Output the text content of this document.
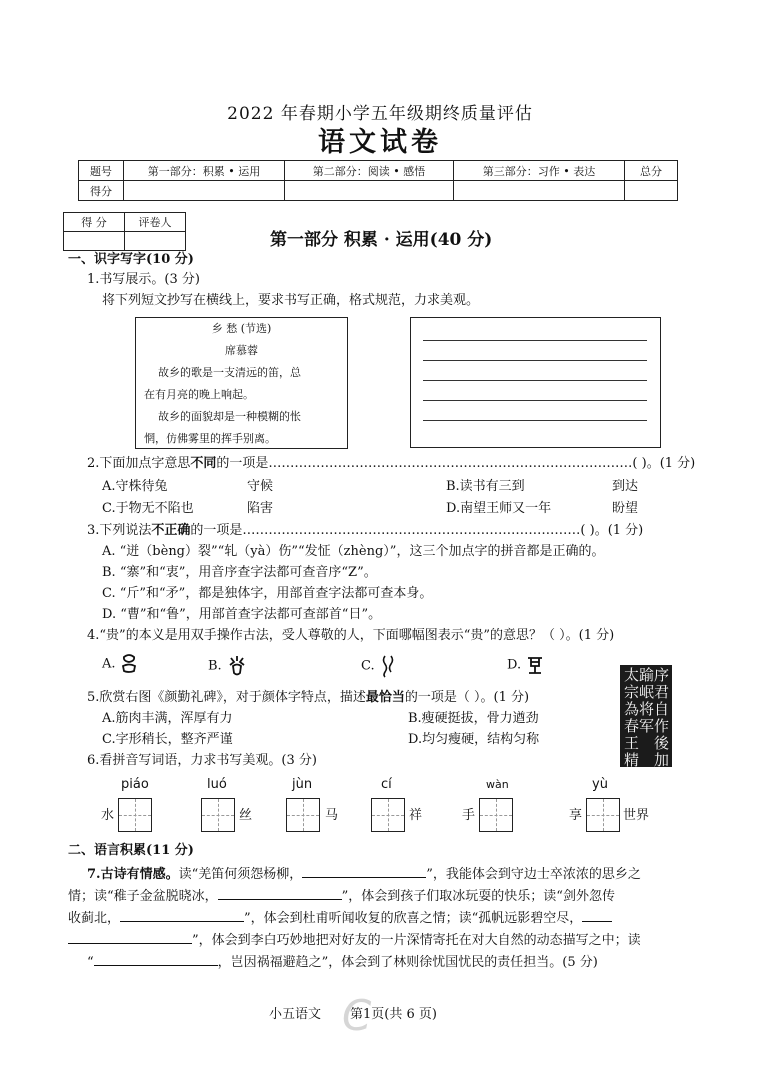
2022 年春期小学五年级期终质量评估
语文试卷
题号	第一部分：积累 • 运用	第二部分：阅读 • 感悟	第三部分：习作 • 表达	总分
得分				
得 分	评卷人

第一部分 积累 · 运用(40 分)
一、识字写字(10 分)
1.书写展示。(3 分)
将下列短文抄写在横线上，要求书写正确，格式规范，力求美观。
乡 愁 (节选)
席慕蓉
故乡的歌是一支清远的笛，总
在有月亮的晚上响起。
故乡的面貌却是一种模糊的怅
惘，仿佛雾里的挥手别离。
2.下面加点字意思不同的一项是…………………………………………………………………………( )。(1 分)
A.守株待兔	守候	B.读书有三到	到达
C.于物无不陷也	陷害	D.南望王师又一年	盼望
3.下列说法不正确的一项是……………………………………………………………………( )。(1 分)
A. “迸（bèng）裂”“轧（yà）伤”“发怔（zhèng）”，这三个加点字的拼音都是正确的。
B. “寨”和“衷”，用音序查字法都可查音序“Z”。
C. “斤”和“矛”，都是独体字，用部首查字法都可查本身。
D. “曹”和“鲁”，用部首查字法都可查部首“日”。
4.“贵”的本义是用双手操作古法，受人尊敬的人，下面哪幅图表示“贵”的意思？（ ）。(1 分)
A.	B.	C.	D.
序君自作後加
踰岷将军
太宗為春王精
5.欣赏右图《颜勤礼碑》，对于颜体字特点，描述最恰当的一项是（ ）。(1 分)
A.筋肉丰满，浑厚有力	B.瘦硬挺拔，骨力遒劲
C.字形稍长，整齐严谨	D.均匀瘦硬，结构匀称
6.看拼音写词语，力求书写美观。(3 分)
piáo	luó	jùn	cí	wàn	yù
水	丝	马	祥	手	享	世界
二、语言积累(11 分)
7.古诗有情感。读“羌笛何须怨杨柳，	”，我能体会到守边士卒浓浓的思乡之
情；读“稚子金盆脱晓冰，	”，体会到孩子们取冰玩耍的快乐；读“剑外忽传
收蓟北，	”，体会到杜甫听闻收复的欣喜之情；读“孤帆远影碧空尽，
”，体会到李白巧妙地把对好友的一片深情寄托在对大自然的动态描写之中；读
“	，岂因祸福避趋之”，体会到了林则徐忧国忧民的责任担当。(5 分)
C
小五语文 第1页(共 6 页)
